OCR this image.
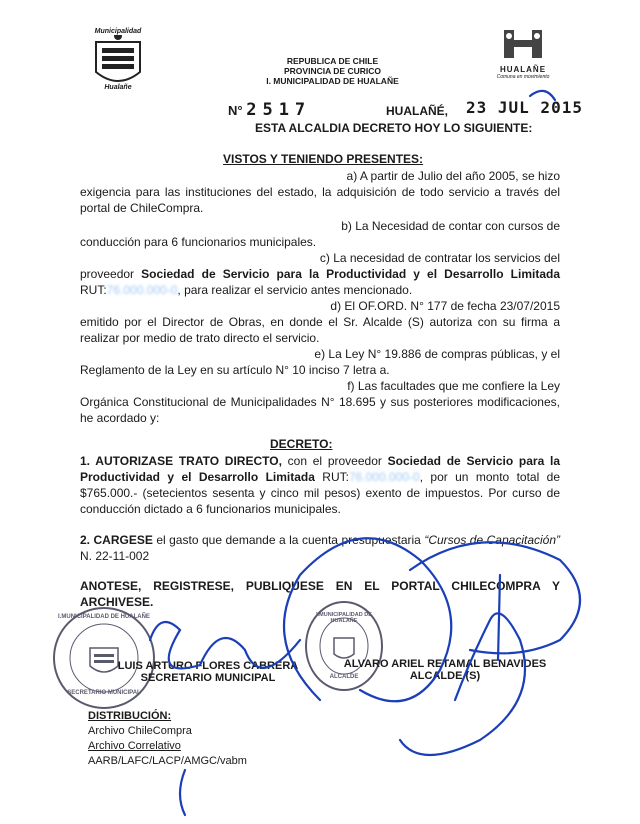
Municipalidad
Hualañe
REPUBLICA DE CHILE
PROVINCIA DE CURICO
I. MUNICIPALIDAD DE HUALAÑE
HUALAÑE
Comuna en movimiento
N° 2517	HUALAÑÉ, 23 JUL 2015
ESTA ALCALDIA DECRETO HOY LO SIGUIENTE:
VISTOS Y TENIENDO PRESENTES:
a) A partir de Julio del año 2005, se hizo
exigencia para las instituciones del estado, la adquisición de todo servicio a través del portal de ChileCompra.
b) La Necesidad de contar con cursos de
conducción para 6 funcionarios municipales.
c) La necesidad de contratar los servicios del
proveedor Sociedad de Servicio para la Productividad y el Desarrollo Limitada RUT:76.000.000-0, para realizar el servicio antes mencionado.
d) El OF.ORD. N° 177 de fecha 23/07/2015
emitido por el Director de Obras, en donde el Sr. Alcalde (S) autoriza con su firma a realizar por medio de trato directo el servicio.
e) La Ley N° 19.886 de compras públicas, y el
Reglamento de la Ley en su artículo N° 10 inciso 7 letra a.
f) Las facultades que me confiere la Ley
Orgánica Constitucional de Municipalidades N° 18.695 y sus posteriores modificaciones, he acordado y:
DECRETO:
1. AUTORIZASE TRATO DIRECTO, con el proveedor Sociedad de Servicio para la Productividad y el Desarrollo Limitada RUT:76.000.000-0, por un monto total de $765.000.- (setecientos sesenta y cinco mil pesos) exento de impuestos. Por curso de conducción dictado a 6 funcionarios municipales.
2. CARGESE el gasto que demande a la cuenta presupuestaria “Cursos de Capacitación” N. 22-11-002
ANOTESE, REGISTRESE, PUBLIQUESE EN EL PORTAL CHILECOMPRA Y ARCHIVESE.
I.MUNICIPALIDAD DE HUALAÑE
SECRETARIO MUNICIPAL
I.MUNICIPALIDAD DE HUALAÑE
ALCALDE
LUIS ARTURO FLORES CABRERA
SECRETARIO MUNICIPAL
ALVARO ARIEL RETAMAL BENAVIDES
ALCALDE (S)
DISTRIBUCIÓN:
Archivo ChileCompra
Archivo Correlativo
AARB/LAFC/LACP/AMGC/vabm
